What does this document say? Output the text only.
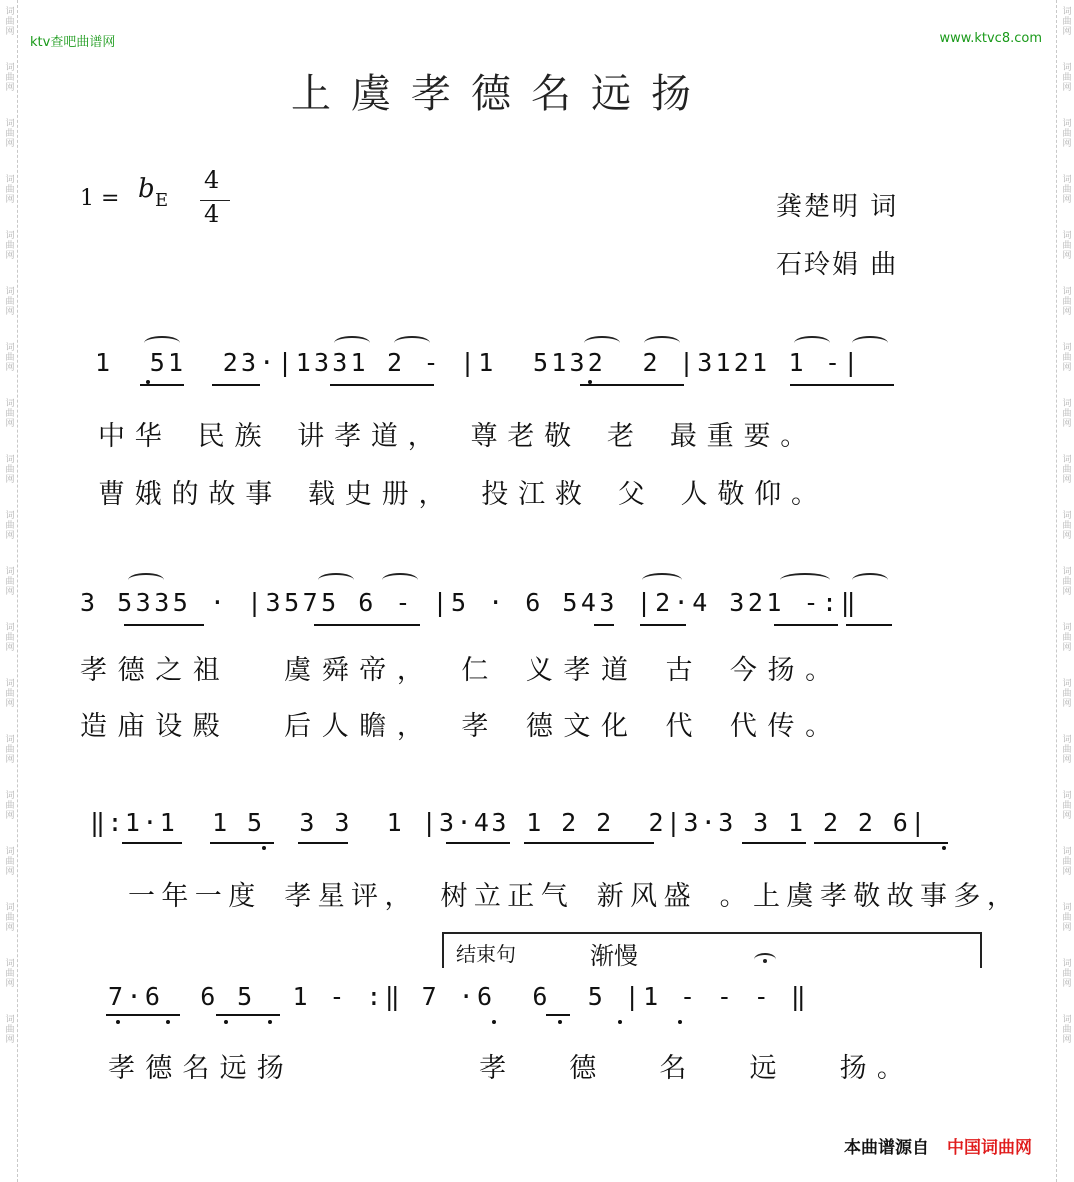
词曲网
词曲网
词曲网
词曲网
词曲网
词曲网
词曲网
词曲网
词曲网
词曲网
词曲网
词曲网
词曲网
词曲网
词曲网
词曲网
词曲网
词曲网
词曲网
词曲网
词曲网
词曲网
词曲网
词曲网
词曲网
词曲网
词曲网
词曲网
词曲网
词曲网
词曲网
词曲网
词曲网
词曲网
词曲网
词曲网
词曲网
词曲网
ktv查吧曲谱网	www.ktvc8.com
上虞孝德名远扬
1 = b E
4
4	龚楚明 词
石玲娟 曲
1  51  23·|1331 2 - |1  5132  2 |3121 1 -|
中华 民族 讲孝道， 尊老敬 老 最重要。
曹娥的故事 载史册， 投江救 父 人敬仰。
3 5335 · |3575 6 - |5 · 6 543 |2·4 321 -:‖
孝德之祖  虞舜帝， 仁 义孝道 古 今扬。
造庙设殿  后人瞻， 孝 德文化 代 代传。
‖:1·1  1 5  3 3  1 |3·43 1 2 2  2|3·3 3 1 2 2 6|
一年一度 孝星评， 树立正气 新风盛 。上虞孝敬故事多，
结束句	渐慢
7·6  6 5  1 - :‖ 7 ·6  6  5 |1 - - - ‖
孝德名远扬       孝  德  名  远  扬。
本曲谱源自 中国词曲网
